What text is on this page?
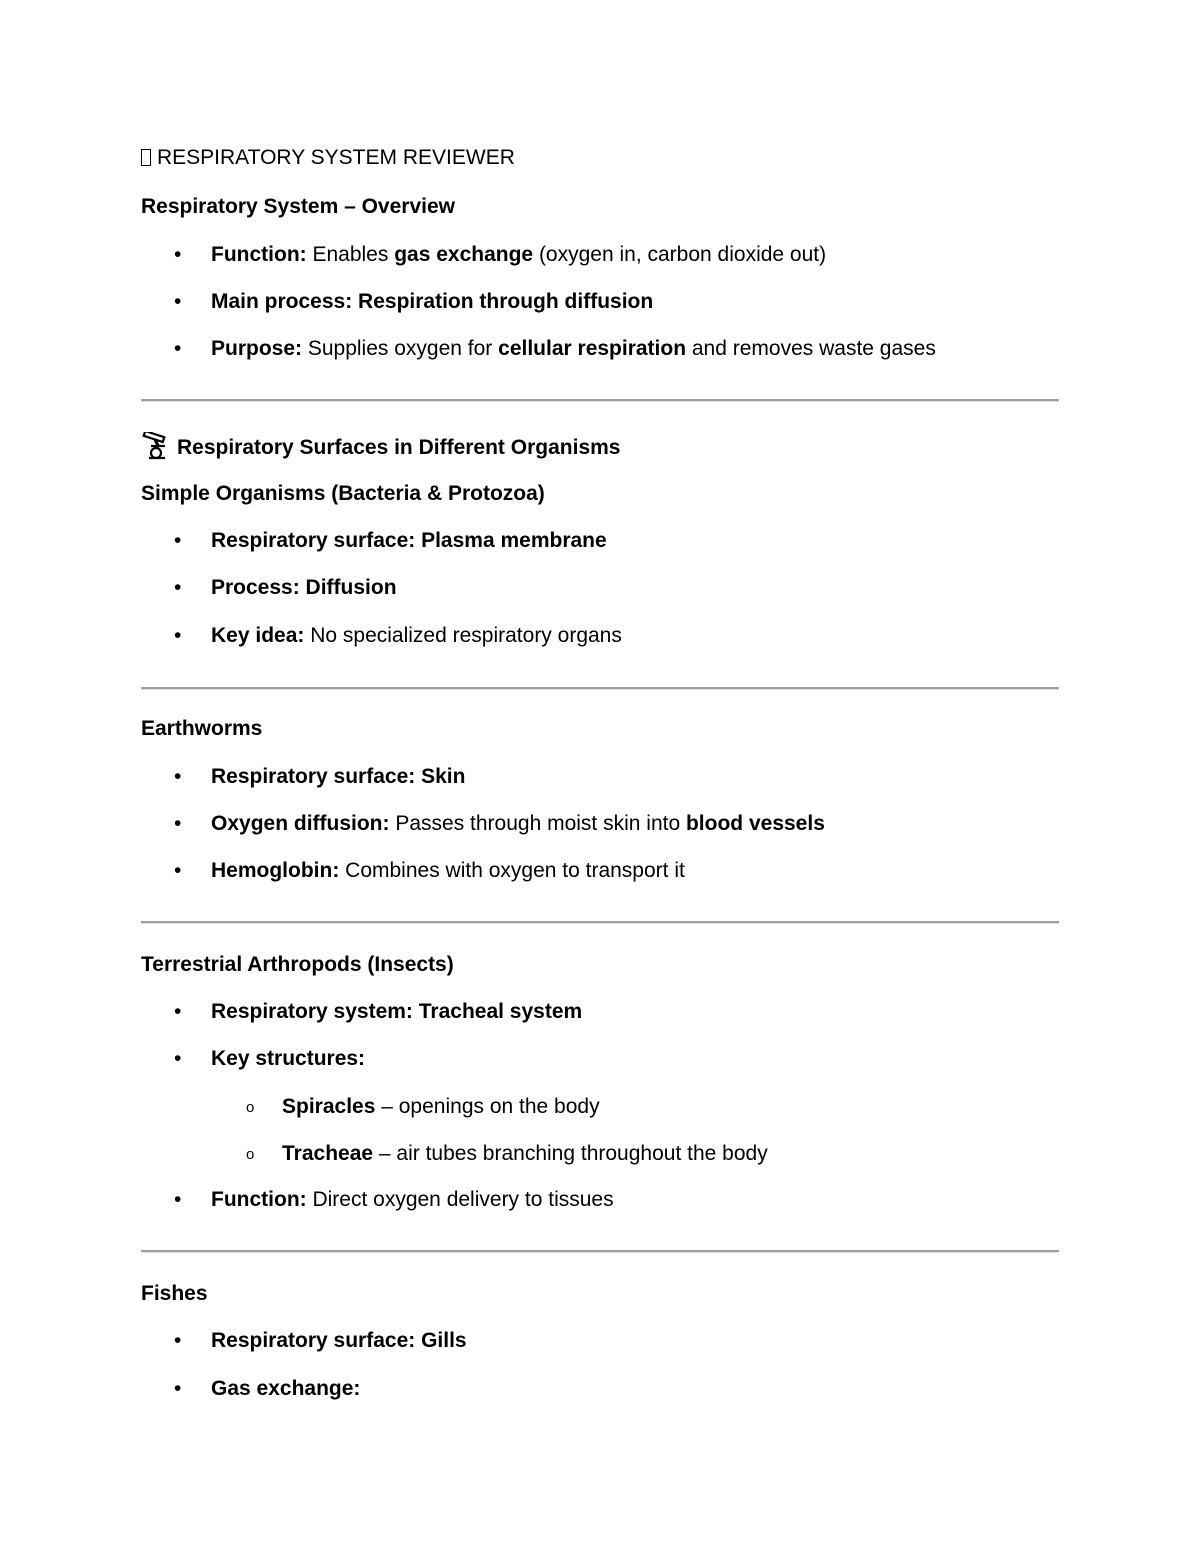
RESPIRATORY SYSTEM REVIEWER
Respiratory System – Overview
• Function: Enables gas exchange (oxygen in, carbon dioxide out)
• Main process: Respiration through diffusion
• Purpose: Supplies oxygen for cellular respiration and removes waste gases
Respiratory Surfaces in Different Organisms
Simple Organisms (Bacteria & Protozoa)
• Respiratory surface: Plasma membrane
• Process: Diffusion
• Key idea: No specialized respiratory organs
Earthworms
• Respiratory surface: Skin
• Oxygen diffusion: Passes through moist skin into blood vessels
• Hemoglobin: Combines with oxygen to transport it
Terrestrial Arthropods (Insects)
• Respiratory system: Tracheal system
• Key structures:
o Spiracles – openings on the body
o Tracheae – air tubes branching throughout the body
• Function: Direct oxygen delivery to tissues
Fishes
• Respiratory surface: Gills
• Gas exchange:
